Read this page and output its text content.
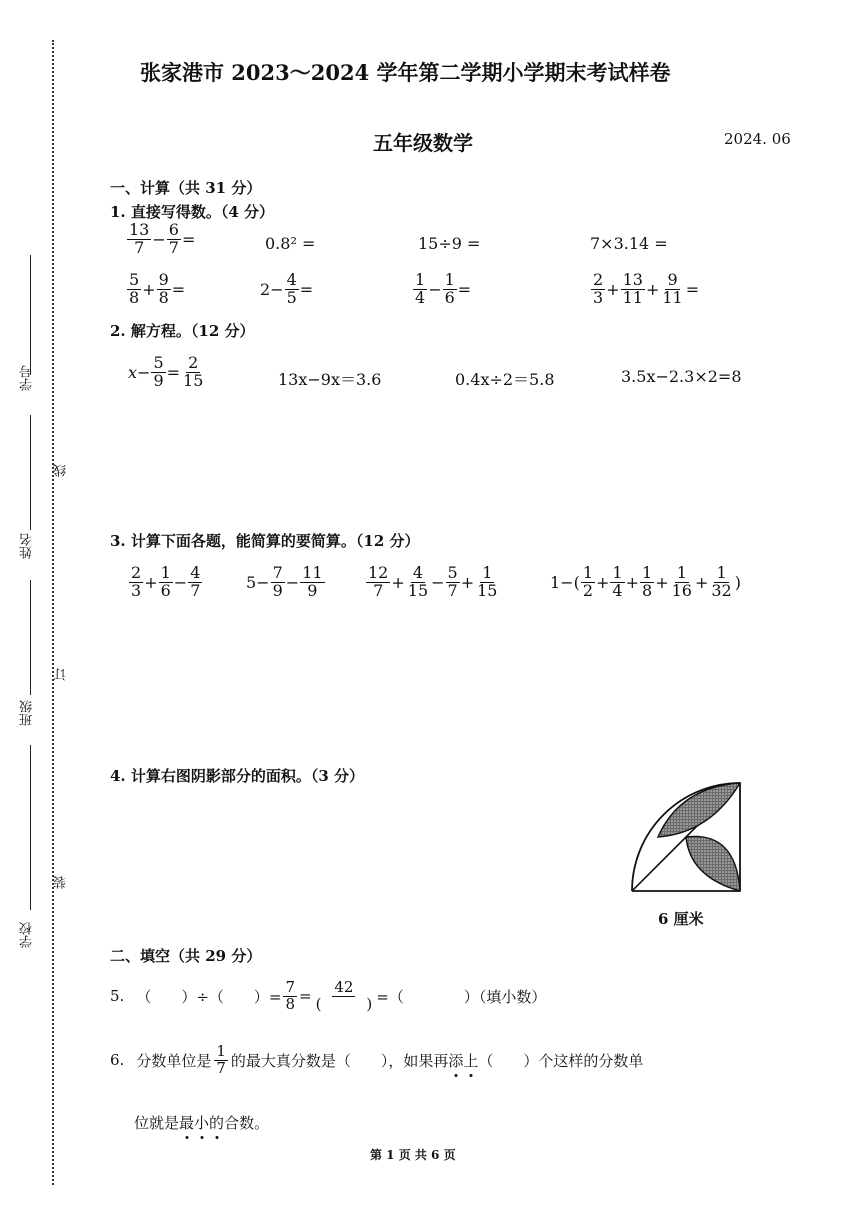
学号
线
姓名
订
班级
装
学校
张家港市 2023～2024 学年第二学期小学期末考试样卷
五年级数学	2024. 06
一、计算（共 31 分）
1. 直接写得数。（4 分）
$\frac{13}{7} - \frac{6}{7}$ =	0.8² =	15÷9 =	7×3.14 =
$\frac{5}{8} + \frac{9}{8}$ =	$2- \frac{4}{5}$ =	$\frac{1}{4} - \frac{1}{6}$ =	$\frac{2}{3} + \frac{13}{11} + \frac{9}{11}$ =
2. 解方程。（12 分）
$x- \frac{5}{9} = \frac{2}{15}$	13x−9x＝3.6	0.4x÷2＝5.8	3.5x−2.3×2=8
3. 计算下面各题，能简算的要简算。（12 分）
$\frac{2}{3} + \frac{1}{6} - \frac{4}{7}$	$5- \frac{7}{9} - \frac{11}{9}$	$\frac{12}{7} + \frac{4}{15} - \frac{5}{7} + \frac{1}{15}$	$1-( \frac{1}{2} + \frac{1}{4} + \frac{1}{8} + \frac{1}{16} + \frac{1}{32}$ )
4. 计算右图阴影部分的面积。（3 分）
6 厘米
二、填空（共 29 分）
5. （　　）÷（　　）= $\frac{7}{8} = \frac{42}{( )}$ =（　　　　）（填小数）
6. 分数单位是 $\frac{1}{7}$ 的最大真分数是（　　），如果再 添 上 （　　）个这样的分数单
位就是 最 小 的 合数。
第 1 页 共 6 页
